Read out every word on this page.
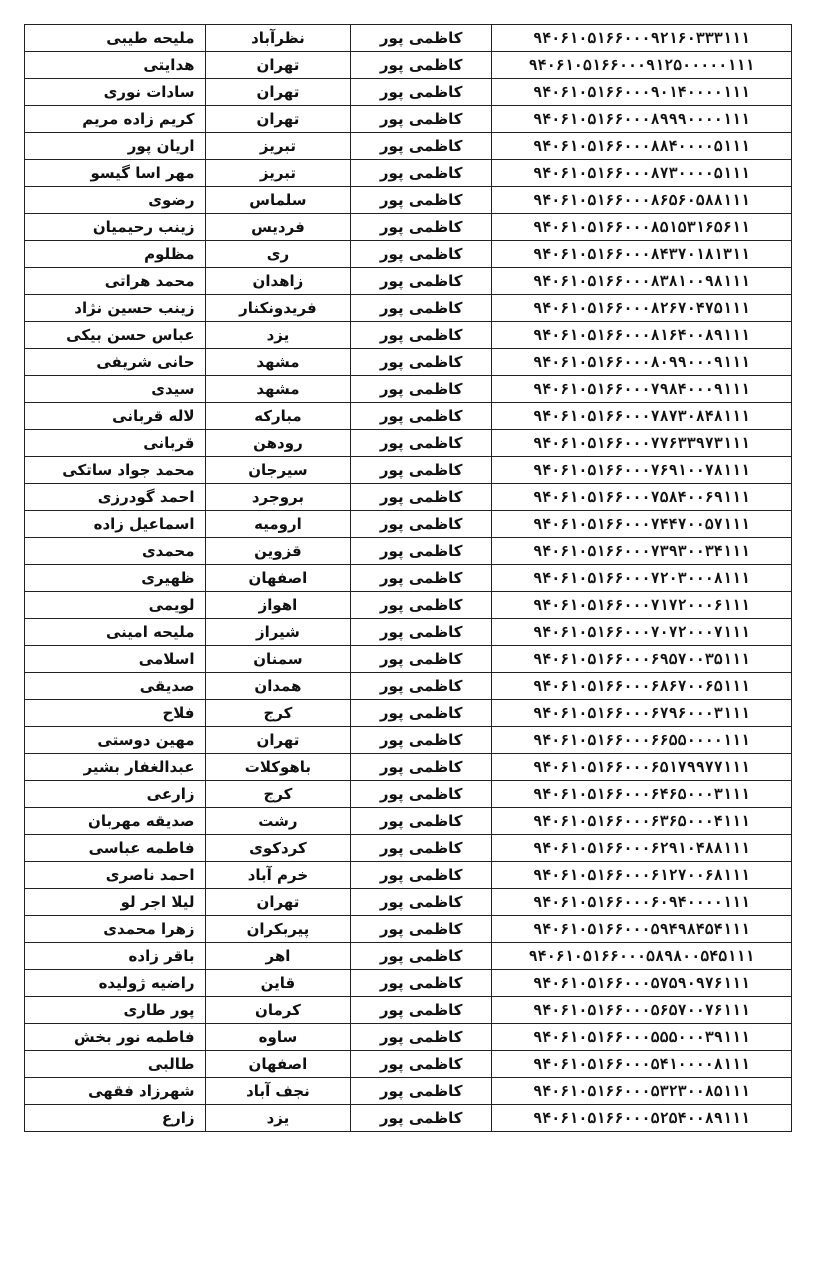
ملیحه طیبی	نظرآباد	کاظمی پور	۹۴۰۶۱۰۵۱۶۶۰۰۰۹۲۱۶۰۳۳۳۱۱۱
هدایتی	تهران	کاظمی پور	۹۴۰۶۱۰۵۱۶۶۰۰۰۹۱۲۵۰۰۰۰۰۱۱۱
سادات نوری	تهران	کاظمی پور	۹۴۰۶۱۰۵۱۶۶۰۰۰۹۰۱۴۰۰۰۰۱۱۱
کریم زاده مریم	تهران	کاظمی پور	۹۴۰۶۱۰۵۱۶۶۰۰۰۸۹۹۹۰۰۰۰۱۱۱
اریان پور	تبریز	کاظمی پور	۹۴۰۶۱۰۵۱۶۶۰۰۰۸۸۴۰۰۰۰۵۱۱۱
مهر اسا گیسو	تبریز	کاظمی پور	۹۴۰۶۱۰۵۱۶۶۰۰۰۸۷۳۰۰۰۰۵۱۱۱
رضوی	سلماس	کاظمی پور	۹۴۰۶۱۰۵۱۶۶۰۰۰۸۶۵۶۰۵۸۸۱۱۱
زینب رحیمیان	فردیس	کاظمی پور	۹۴۰۶۱۰۵۱۶۶۰۰۰۸۵۱۵۳۱۶۵۶۱۱
مظلوم	ری	کاظمی پور	۹۴۰۶۱۰۵۱۶۶۰۰۰۸۴۳۷۰۱۸۱۳۱۱
محمد هراتی	زاهدان	کاظمی پور	۹۴۰۶۱۰۵۱۶۶۰۰۰۸۳۸۱۰۰۹۸۱۱۱
زینب حسین نژاد	فریدونکنار	کاظمی پور	۹۴۰۶۱۰۵۱۶۶۰۰۰۸۲۶۷۰۴۷۵۱۱۱
عباس حسن بیکی	یزد	کاظمی پور	۹۴۰۶۱۰۵۱۶۶۰۰۰۸۱۶۴۰۰۸۹۱۱۱
حانی شریفی	مشهد	کاظمی پور	۹۴۰۶۱۰۵۱۶۶۰۰۰۸۰۹۹۰۰۰۹۱۱۱
سیدی	مشهد	کاظمی پور	۹۴۰۶۱۰۵۱۶۶۰۰۰۷۹۸۴۰۰۰۹۱۱۱
لاله قربانی	مبارکه	کاظمی پور	۹۴۰۶۱۰۵۱۶۶۰۰۰۷۸۷۳۰۸۴۸۱۱۱
قربانی	رودهن	کاظمی پور	۹۴۰۶۱۰۵۱۶۶۰۰۰۷۷۶۳۳۹۷۳۱۱۱
محمد جواد ساتکی	سیرجان	کاظمی پور	۹۴۰۶۱۰۵۱۶۶۰۰۰۷۶۹۱۰۰۷۸۱۱۱
احمد گودرزی	بروجرد	کاظمی پور	۹۴۰۶۱۰۵۱۶۶۰۰۰۷۵۸۴۰۰۶۹۱۱۱
اسماعیل زاده	ارومیه	کاظمی پور	۹۴۰۶۱۰۵۱۶۶۰۰۰۷۴۴۷۰۰۵۷۱۱۱
محمدی	قزوین	کاظمی پور	۹۴۰۶۱۰۵۱۶۶۰۰۰۷۳۹۳۰۰۳۴۱۱۱
ظهیری	اصفهان	کاظمی پور	۹۴۰۶۱۰۵۱۶۶۰۰۰۷۲۰۳۰۰۰۸۱۱۱
لویمی	اهواز	کاظمی پور	۹۴۰۶۱۰۵۱۶۶۰۰۰۷۱۷۲۰۰۰۶۱۱۱
ملیحه امینی	شیراز	کاظمی پور	۹۴۰۶۱۰۵۱۶۶۰۰۰۷۰۷۲۰۰۰۷۱۱۱
اسلامی	سمنان	کاظمی پور	۹۴۰۶۱۰۵۱۶۶۰۰۰۶۹۵۷۰۰۳۵۱۱۱
صدیقی	همدان	کاظمی پور	۹۴۰۶۱۰۵۱۶۶۰۰۰۶۸۶۷۰۰۶۵۱۱۱
فلاح	کرج	کاظمی پور	۹۴۰۶۱۰۵۱۶۶۰۰۰۶۷۹۶۰۰۰۳۱۱۱
مهین دوستی	تهران	کاظمی پور	۹۴۰۶۱۰۵۱۶۶۰۰۰۶۶۵۵۰۰۰۰۱۱۱
عبدالغفار بشیر	باهوکلات	کاظمی پور	۹۴۰۶۱۰۵۱۶۶۰۰۰۶۵۱۷۹۹۷۷۱۱۱
زارعی	کرج	کاظمی پور	۹۴۰۶۱۰۵۱۶۶۰۰۰۶۴۶۵۰۰۰۳۱۱۱
صدیقه مهربان	رشت	کاظمی پور	۹۴۰۶۱۰۵۱۶۶۰۰۰۶۳۶۵۰۰۰۴۱۱۱
فاطمه عباسی	کردکوی	کاظمی پور	۹۴۰۶۱۰۵۱۶۶۰۰۰۶۲۹۱۰۴۸۸۱۱۱
احمد ناصری	خرم آباد	کاظمی پور	۹۴۰۶۱۰۵۱۶۶۰۰۰۶۱۲۷۰۰۶۸۱۱۱
لیلا اجر لو	تهران	کاظمی پور	۹۴۰۶۱۰۵۱۶۶۰۰۰۶۰۹۴۰۰۰۰۱۱۱
زهرا محمدی	پیربکران	کاظمی پور	۹۴۰۶۱۰۵۱۶۶۰۰۰۵۹۴۹۸۴۵۴۱۱۱
باقر زاده	اهر	کاظمی پور	۹۴۰۶۱۰۵۱۶۶۰۰۰۵۸۹۸۰۰۵۴۵۱۱۱
راضیه ژولیده	قاین	کاظمی پور	۹۴۰۶۱۰۵۱۶۶۰۰۰۵۷۵۹۰۹۷۶۱۱۱
پور طاری	کرمان	کاظمی پور	۹۴۰۶۱۰۵۱۶۶۰۰۰۵۶۵۷۰۰۷۶۱۱۱
فاطمه نور بخش	ساوه	کاظمی پور	۹۴۰۶۱۰۵۱۶۶۰۰۰۵۵۵۰۰۰۳۹۱۱۱
طالبی	اصفهان	کاظمی پور	۹۴۰۶۱۰۵۱۶۶۰۰۰۵۴۱۰۰۰۰۸۱۱۱
شهرزاد فقهی	نجف آباد	کاظمی پور	۹۴۰۶۱۰۵۱۶۶۰۰۰۵۳۲۳۰۰۸۵۱۱۱
زارع	یزد	کاظمی پور	۹۴۰۶۱۰۵۱۶۶۰۰۰۵۲۵۴۰۰۸۹۱۱۱
